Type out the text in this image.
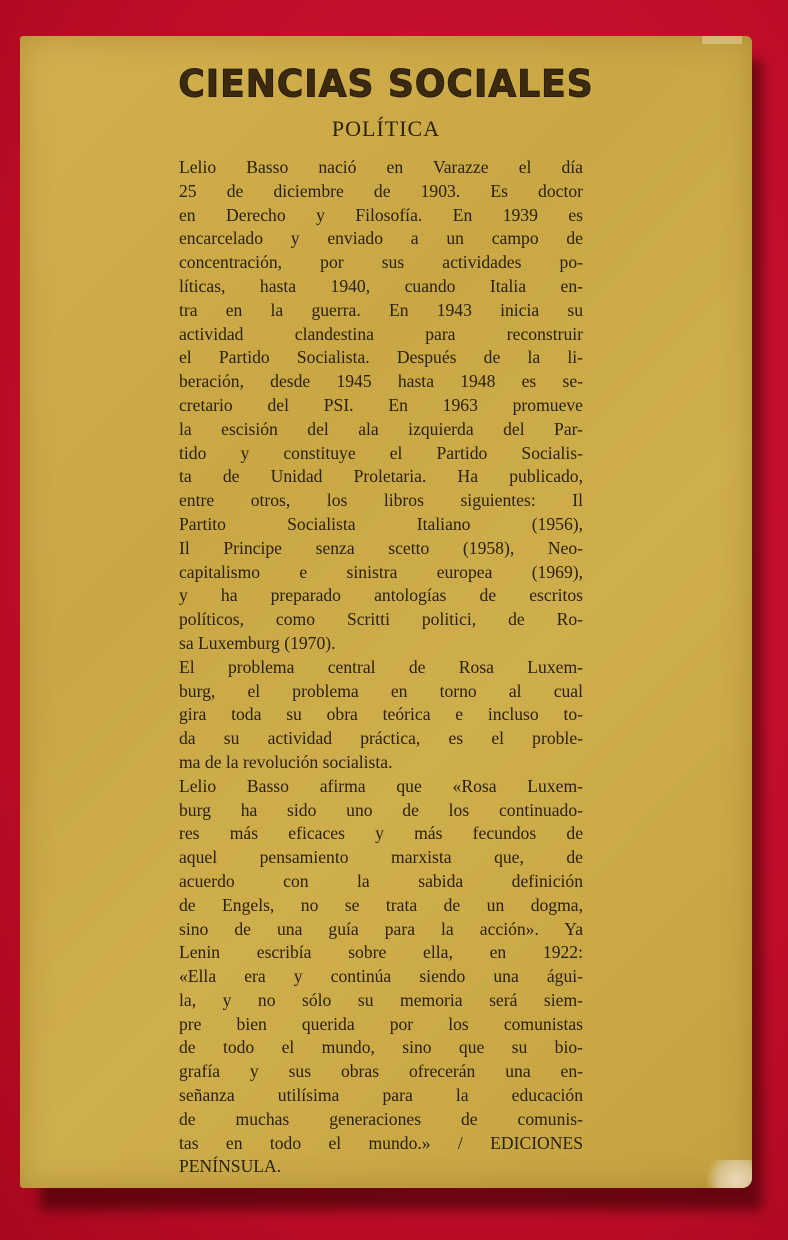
CIENCIAS SOCIALES
POLÍTICA
Lelio Basso nació en Varazze el día
25 de diciembre de 1903. Es doctor
en Derecho y Filosofía. En 1939 es
encarcelado y enviado a un campo de
concentración, por sus actividades po-
líticas, hasta 1940, cuando Italia en-
tra en la guerra. En 1943 inicia su
actividad clandestina para reconstruir
el Partido Socialista. Después de la li-
beración, desde 1945 hasta 1948 es se-
cretario del PSI. En 1963 promueve
la escisión del ala izquierda del Par-
tido y constituye el Partido Socialis-
ta de Unidad Proletaria. Ha publicado,
entre otros, los libros siguientes: Il
Partito Socialista Italiano (1956),
Il Principe senza scetto (1958), Neo-
capitalismo e sinistra europea (1969),
y ha preparado antologías de escritos
políticos, como Scritti politici, de Ro-
sa Luxemburg (1970).
El problema central de Rosa Luxem-
burg, el problema en torno al cual
gira toda su obra teórica e incluso to-
da su actividad práctica, es el proble-
ma de la revolución socialista.
Lelio Basso afirma que «Rosa Luxem-
burg ha sido uno de los continuado-
res más eficaces y más fecundos de
aquel pensamiento marxista que, de
acuerdo con la sabida definición
de Engels, no se trata de un dogma,
sino de una guía para la acción». Ya
Lenin escribía sobre ella, en 1922:
«Ella era y continúa siendo una águi-
la, y no sólo su memoria será siem-
pre bien querida por los comunistas
de todo el mundo, sino que su bio-
grafía y sus obras ofrecerán una en-
señanza utilísima para la educación
de muchas generaciones de comunis-
tas en todo el mundo.» / EDICIONES
PENÍNSULA.
